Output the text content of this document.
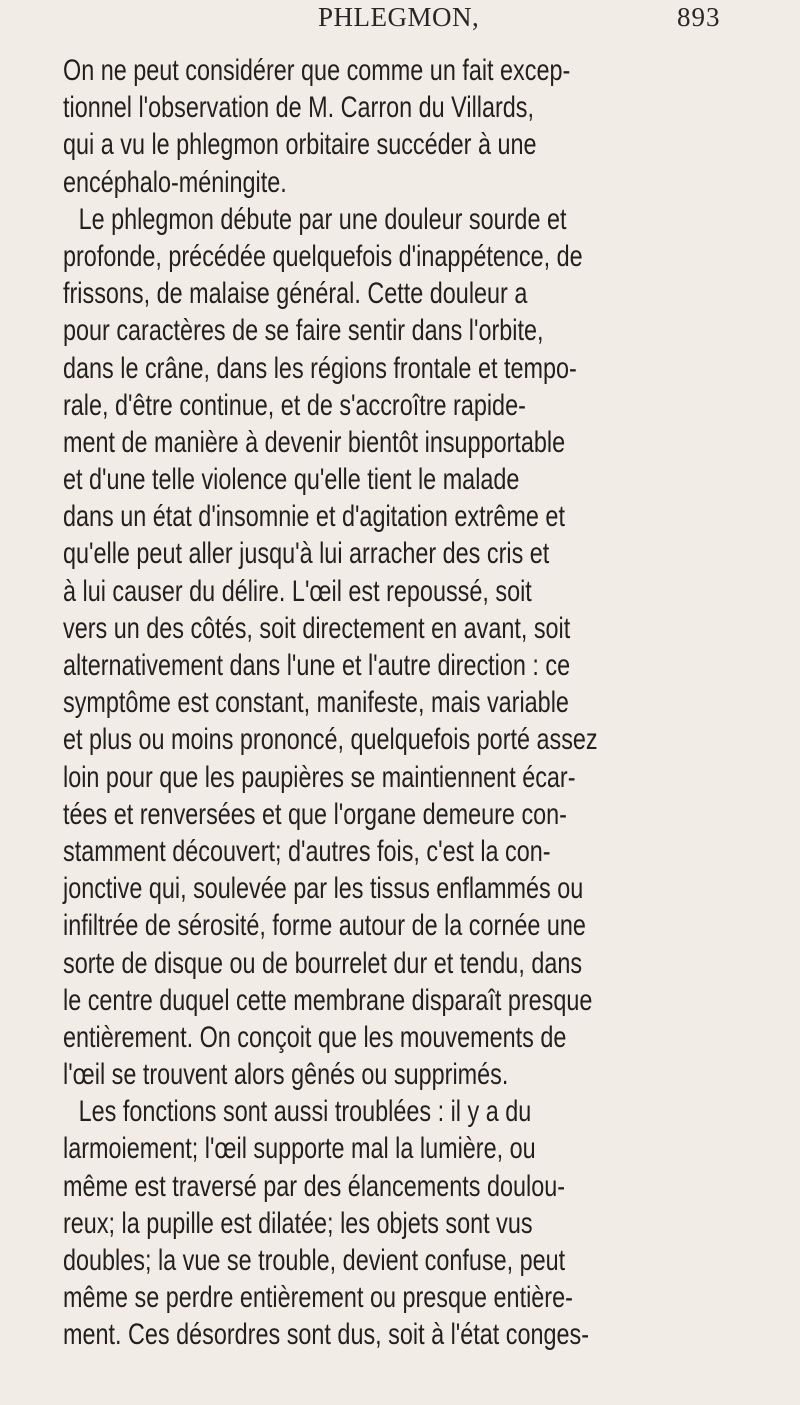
PHLEGMON,	893
On ne peut considérer que comme un fait excep-
tionnel l'observation de M. Carron du Villards,
qui a vu le phlegmon orbitaire succéder à une
encéphalo-méningite.
Le phlegmon débute par une douleur sourde et
profonde, précédée quelquefois d'inappétence, de
frissons, de malaise général. Cette douleur a
pour caractères de se faire sentir dans l'orbite,
dans le crâne, dans les régions frontale et tempo-
rale, d'être continue, et de s'accroître rapide-
ment de manière à devenir bientôt insupportable
et d'une telle violence qu'elle tient le malade
dans un état d'insomnie et d'agitation extrême et
qu'elle peut aller jusqu'à lui arracher des cris et
à lui causer du délire. L'œil est repoussé, soit
vers un des côtés, soit directement en avant, soit
alternativement dans l'une et l'autre direction : ce
symptôme est constant, manifeste, mais variable
et plus ou moins prononcé, quelquefois porté assez
loin pour que les paupières se maintiennent écar-
tées et renversées et que l'organe demeure con-
stamment découvert; d'autres fois, c'est la con-
jonctive qui, soulevée par les tissus enflammés ou
infiltrée de sérosité, forme autour de la cornée une
sorte de disque ou de bourrelet dur et tendu, dans
le centre duquel cette membrane disparaît presque
entièrement. On conçoit que les mouvements de
l'œil se trouvent alors gênés ou supprimés.
Les fonctions sont aussi troublées : il y a du
larmoiement; l'œil supporte mal la lumière, ou
même est traversé par des élancements doulou-
reux; la pupille est dilatée; les objets sont vus
doubles; la vue se trouble, devient confuse, peut
même se perdre entièrement ou presque entière-
ment. Ces désordres sont dus, soit à l'état conges-
